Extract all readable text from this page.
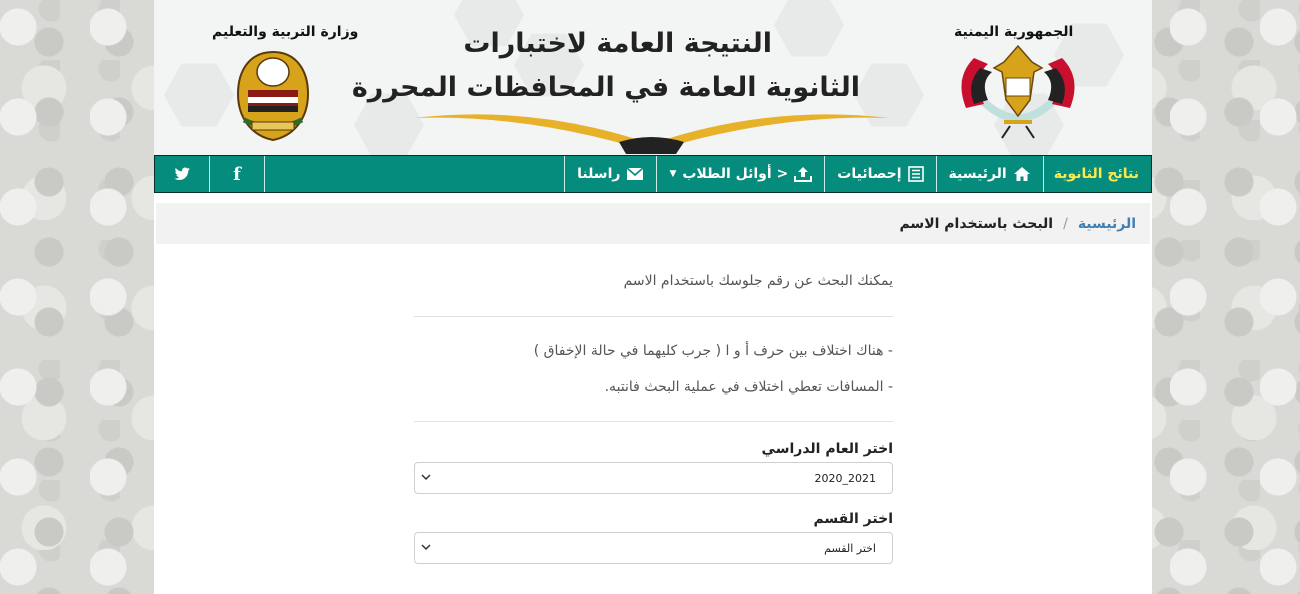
وزارة التربية والتعليم	النتيجة العامة لاختبارات
الثانوية العامة في المحافظات المحررة
الجمهورية اليمنية
نتائج الثانوية
الرئيسية
إحصائيات
< أوائل الطلاب
▼
راسلنا
f
الرئيسية
/
البحث باستخدام الاسم
يمكنك البحث عن رقم جلوسك باستخدام الاسم
- هناك اختلاف بين حرف أ و ا ( جرب كليهما في حالة الإخفاق )
- المسافات تعطي اختلاف في عملية البحث فانتبه.
اختر العام الدراسي
2021_2020
اختر القسم
اختر القسم
